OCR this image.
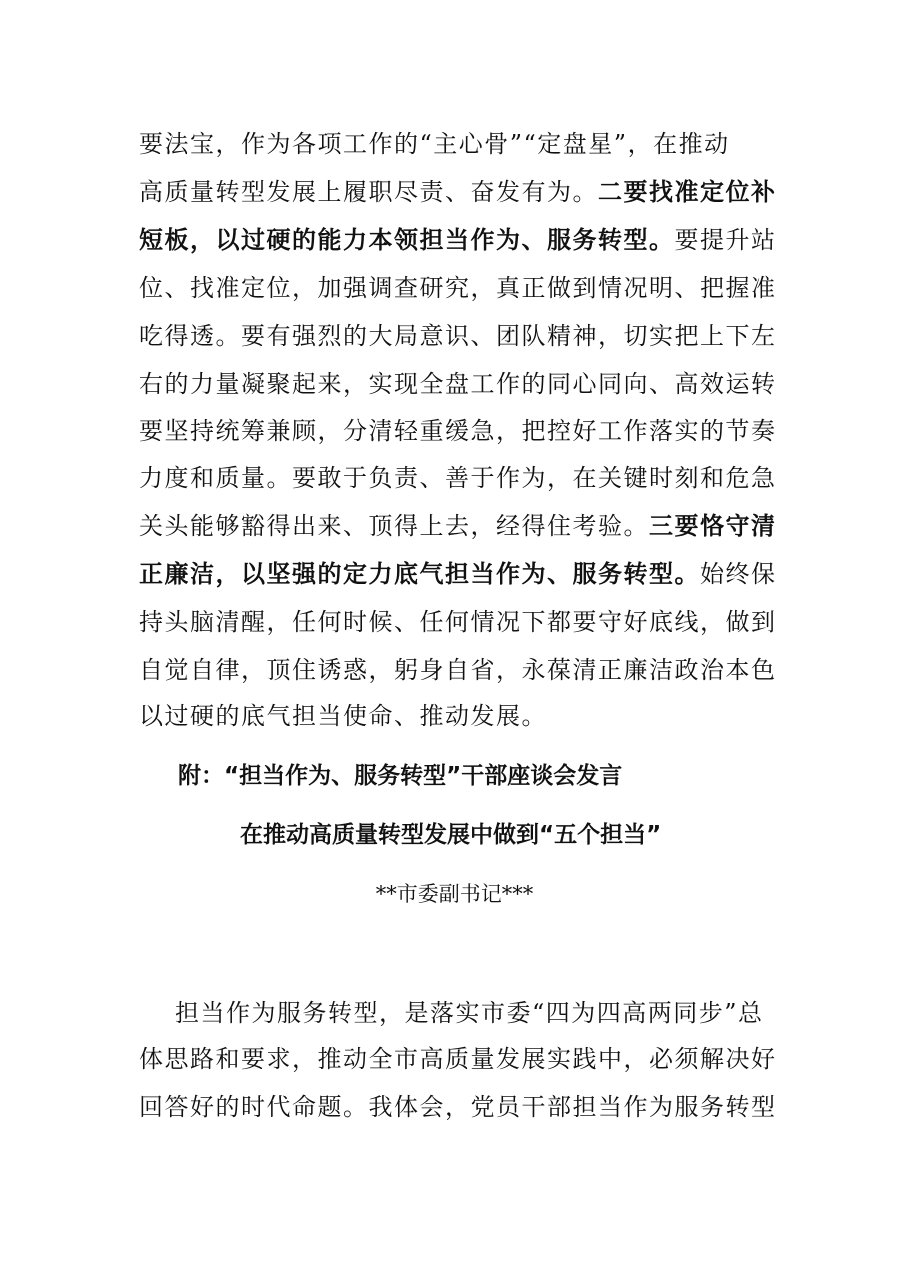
要法宝，作为各项工作的“主心骨”“定盘星”，在推动
高质量转型发展上履职尽责、奋发有为。二要找准定位补
短板，以过硬的能力本领担当作为、服务转型。要提升站
位、找准定位，加强调查研究，真正做到情况明、把握准
吃得透。要有强烈的大局意识、团队精神，切实把上下左
右的力量凝聚起来，实现全盘工作的同心同向、高效运转
要坚持统筹兼顾，分清轻重缓急，把控好工作落实的节奏
力度和质量。要敢于负责、善于作为，在关键时刻和危急
关头能够豁得出来、顶得上去，经得住考验。三要恪守清
正廉洁，以坚强的定力底气担当作为、服务转型。始终保
持头脑清醒，任何时候、任何情况下都要守好底线，做到
自觉自律，顶住诱惑，躬身自省，永葆清正廉洁政治本色
以过硬的底气担当使命、推动发展。
附：“担当作为、服务转型”干部座谈会发言
在推动高质量转型发展中做到“五个担当”
**市委副书记***
担当作为服务转型，是落实市委“四为四高两同步”总
体思路和要求，推动全市高质量发展实践中，必须解决好
回答好的时代命题。我体会，党员干部担当作为服务转型
